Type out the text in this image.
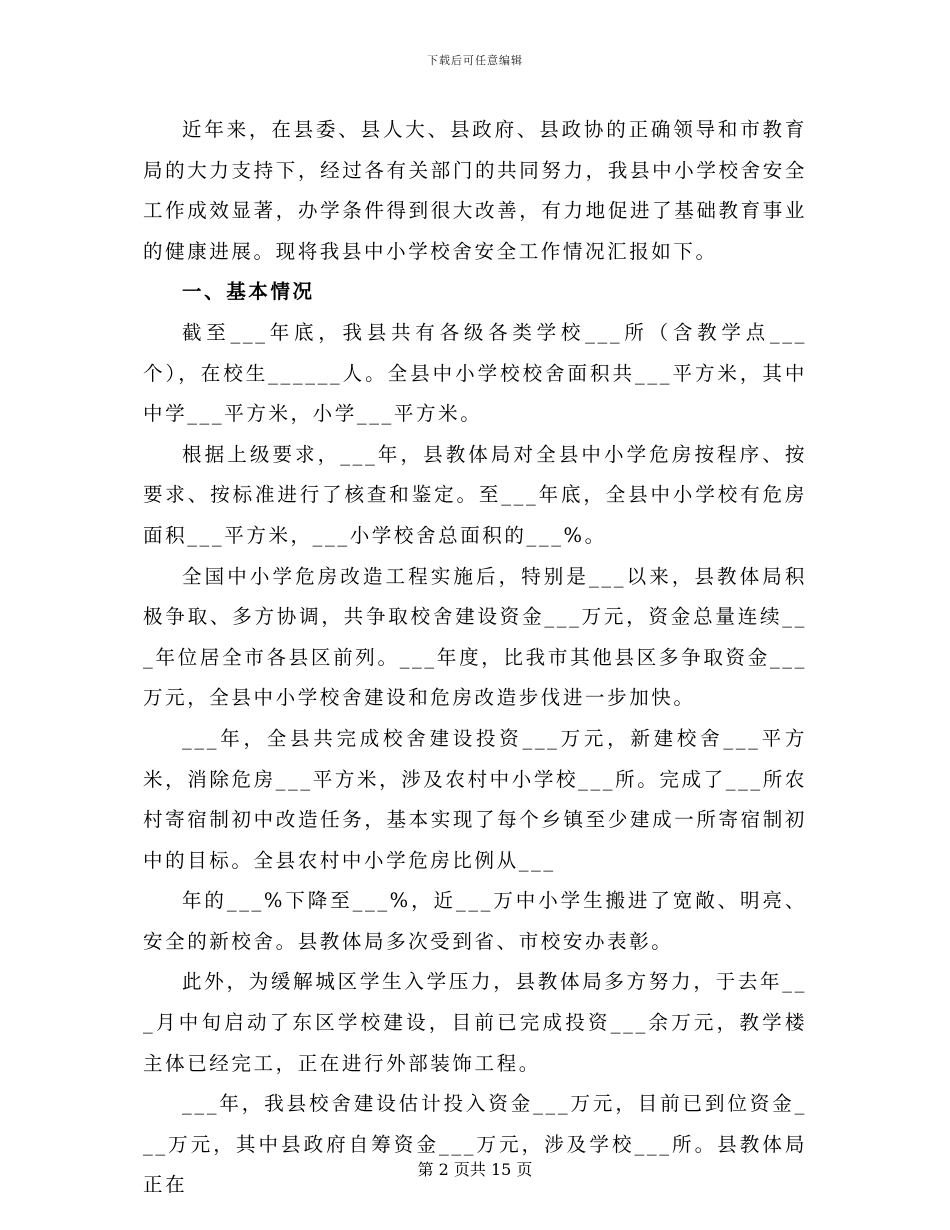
下载后可任意编辑

近年来，在县委、县人大、县政府、县政协的正确领导和市教育局的大力支持下，经过各有关部门的共同努力，我县中小学校舍安全工作成效显著，办学条件得到很大改善，有力地促进了基础教育事业的健康进展。现将我县中小学校舍安全工作情况汇报如下。

一、基本情况

截至___年底，我县共有各级各类学校___所（含教学点___个），在校生______人。全县中小学校校舍面积共___平方米，其中中学___平方米，小学___平方米。

根据上级要求，___年，县教体局对全县中小学危房按程序、按要求、按标准进行了核查和鉴定。至___年底，全县中小学校有危房面积___平方米，___小学校舍总面积的___%。

全国中小学危房改造工程实施后，特别是___以来，县教体局积极争取、多方协调，共争取校舍建设资金___万元，资金总量连续___年位居全市各县区前列。___年度，比我市其他县区多争取资金___万元，全县中小学校舍建设和危房改造步伐进一步加快。

___年，全县共完成校舍建设投资___万元，新建校舍___平方米，消除危房___平方米，涉及农村中小学校___所。完成了___所农村寄宿制初中改造任务，基本实现了每个乡镇至少建成一所寄宿制初中的目标。全县农村中小学危房比例从___

年的___%下降至___%，近___万中小学生搬进了宽敞、明亮、安全的新校舍。县教体局多次受到省、市校安办表彰。

此外，为缓解城区学生入学压力，县教体局多方努力，于去年___月中旬启动了东区学校建设，目前已完成投资___余万元，教学楼主体已经完工，正在进行外部装饰工程。

___年，我县校舍建设估计投入资金___万元，目前已到位资金___万元，其中县政府自筹资金___万元，涉及学校___所。县教体局正在

第 2 页共 15 页
